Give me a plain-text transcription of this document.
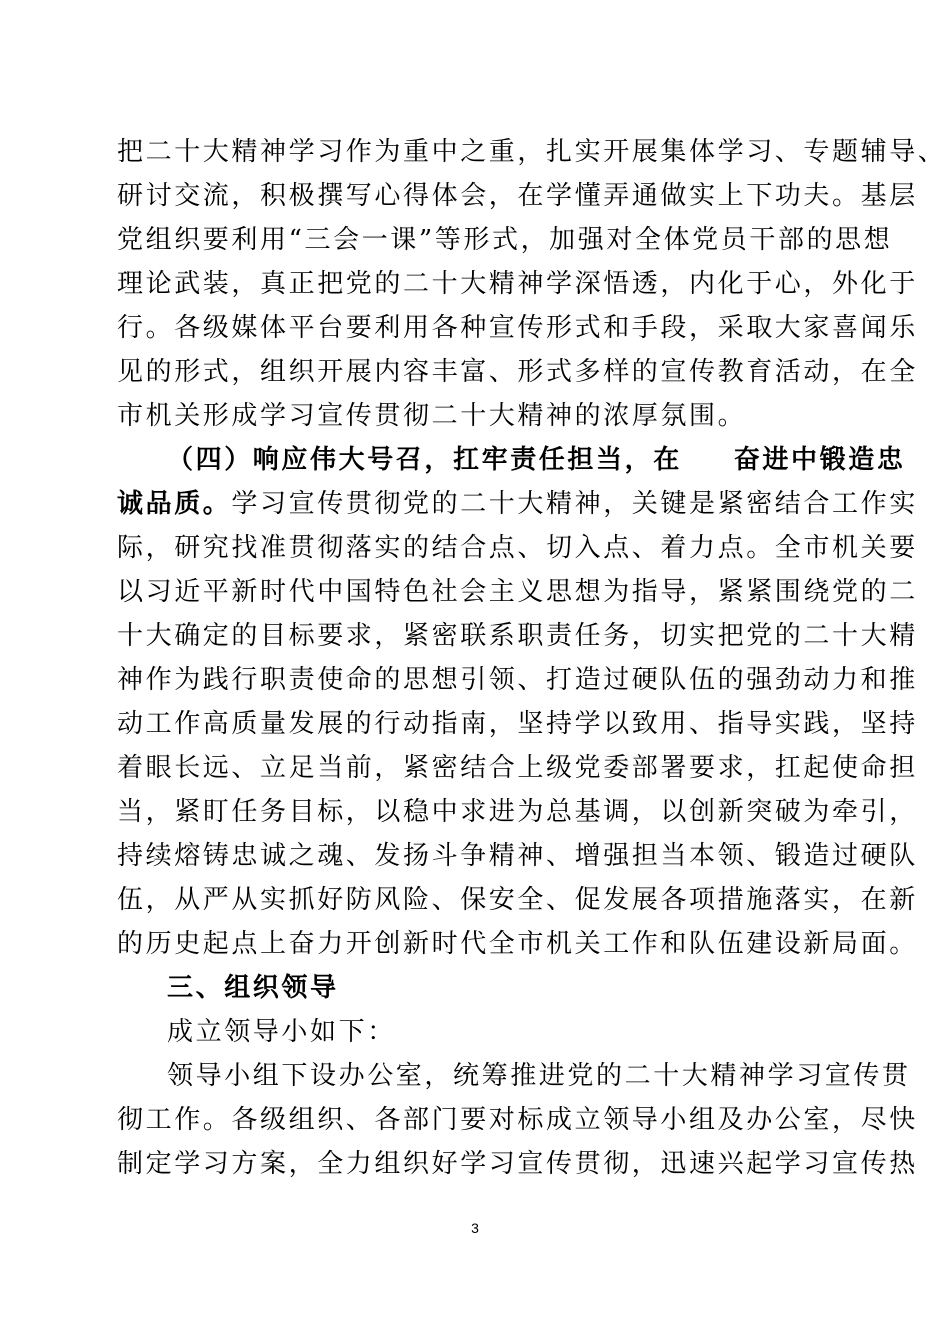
把二十大精神学习作为重中之重，扎实开展集体学习、专题辅导、
研讨交流，积极撰写心得体会，在学懂弄通做实上下功夫。基层
党组织要利用“三会一课”等形式，加强对全体党员干部的思想
理论武装，真正把党的二十大精神学深悟透，内化于心，外化于
行。各级媒体平台要利用各种宣传形式和手段，采取大家喜闻乐
见的形式，组织开展内容丰富、形式多样的宣传教育活动，在全
市机关形成学习宣传贯彻二十大精神的浓厚氛围。
（四）响应伟大号召，扛牢责任担当，在 奋进中锻造忠
诚品质。学习宣传贯彻党的二十大精神，关键是紧密结合工作实
际，研究找准贯彻落实的结合点、切入点、着力点。全市机关要
以习近平新时代中国特色社会主义思想为指导，紧紧围绕党的二
十大确定的目标要求，紧密联系职责任务，切实把党的二十大精
神作为践行职责使命的思想引领、打造过硬队伍的强劲动力和推
动工作高质量发展的行动指南，坚持学以致用、指导实践，坚持
着眼长远、立足当前，紧密结合上级党委部署要求，扛起使命担
当，紧盯任务目标，以稳中求进为总基调，以创新突破为牵引，
持续熔铸忠诚之魂、发扬斗争精神、增强担当本领、锻造过硬队
伍，从严从实抓好防风险、保安全、促发展各项措施落实，在新
的历史起点上奋力开创新时代全市机关工作和队伍建设新局面。
三、组织领导
成立领导小如下：
领导小组下设办公室，统筹推进党的二十大精神学习宣传贯
彻工作。各级组织、各部门要对标成立领导小组及办公室，尽快
制定学习方案，全力组织好学习宣传贯彻，迅速兴起学习宣传热
3
